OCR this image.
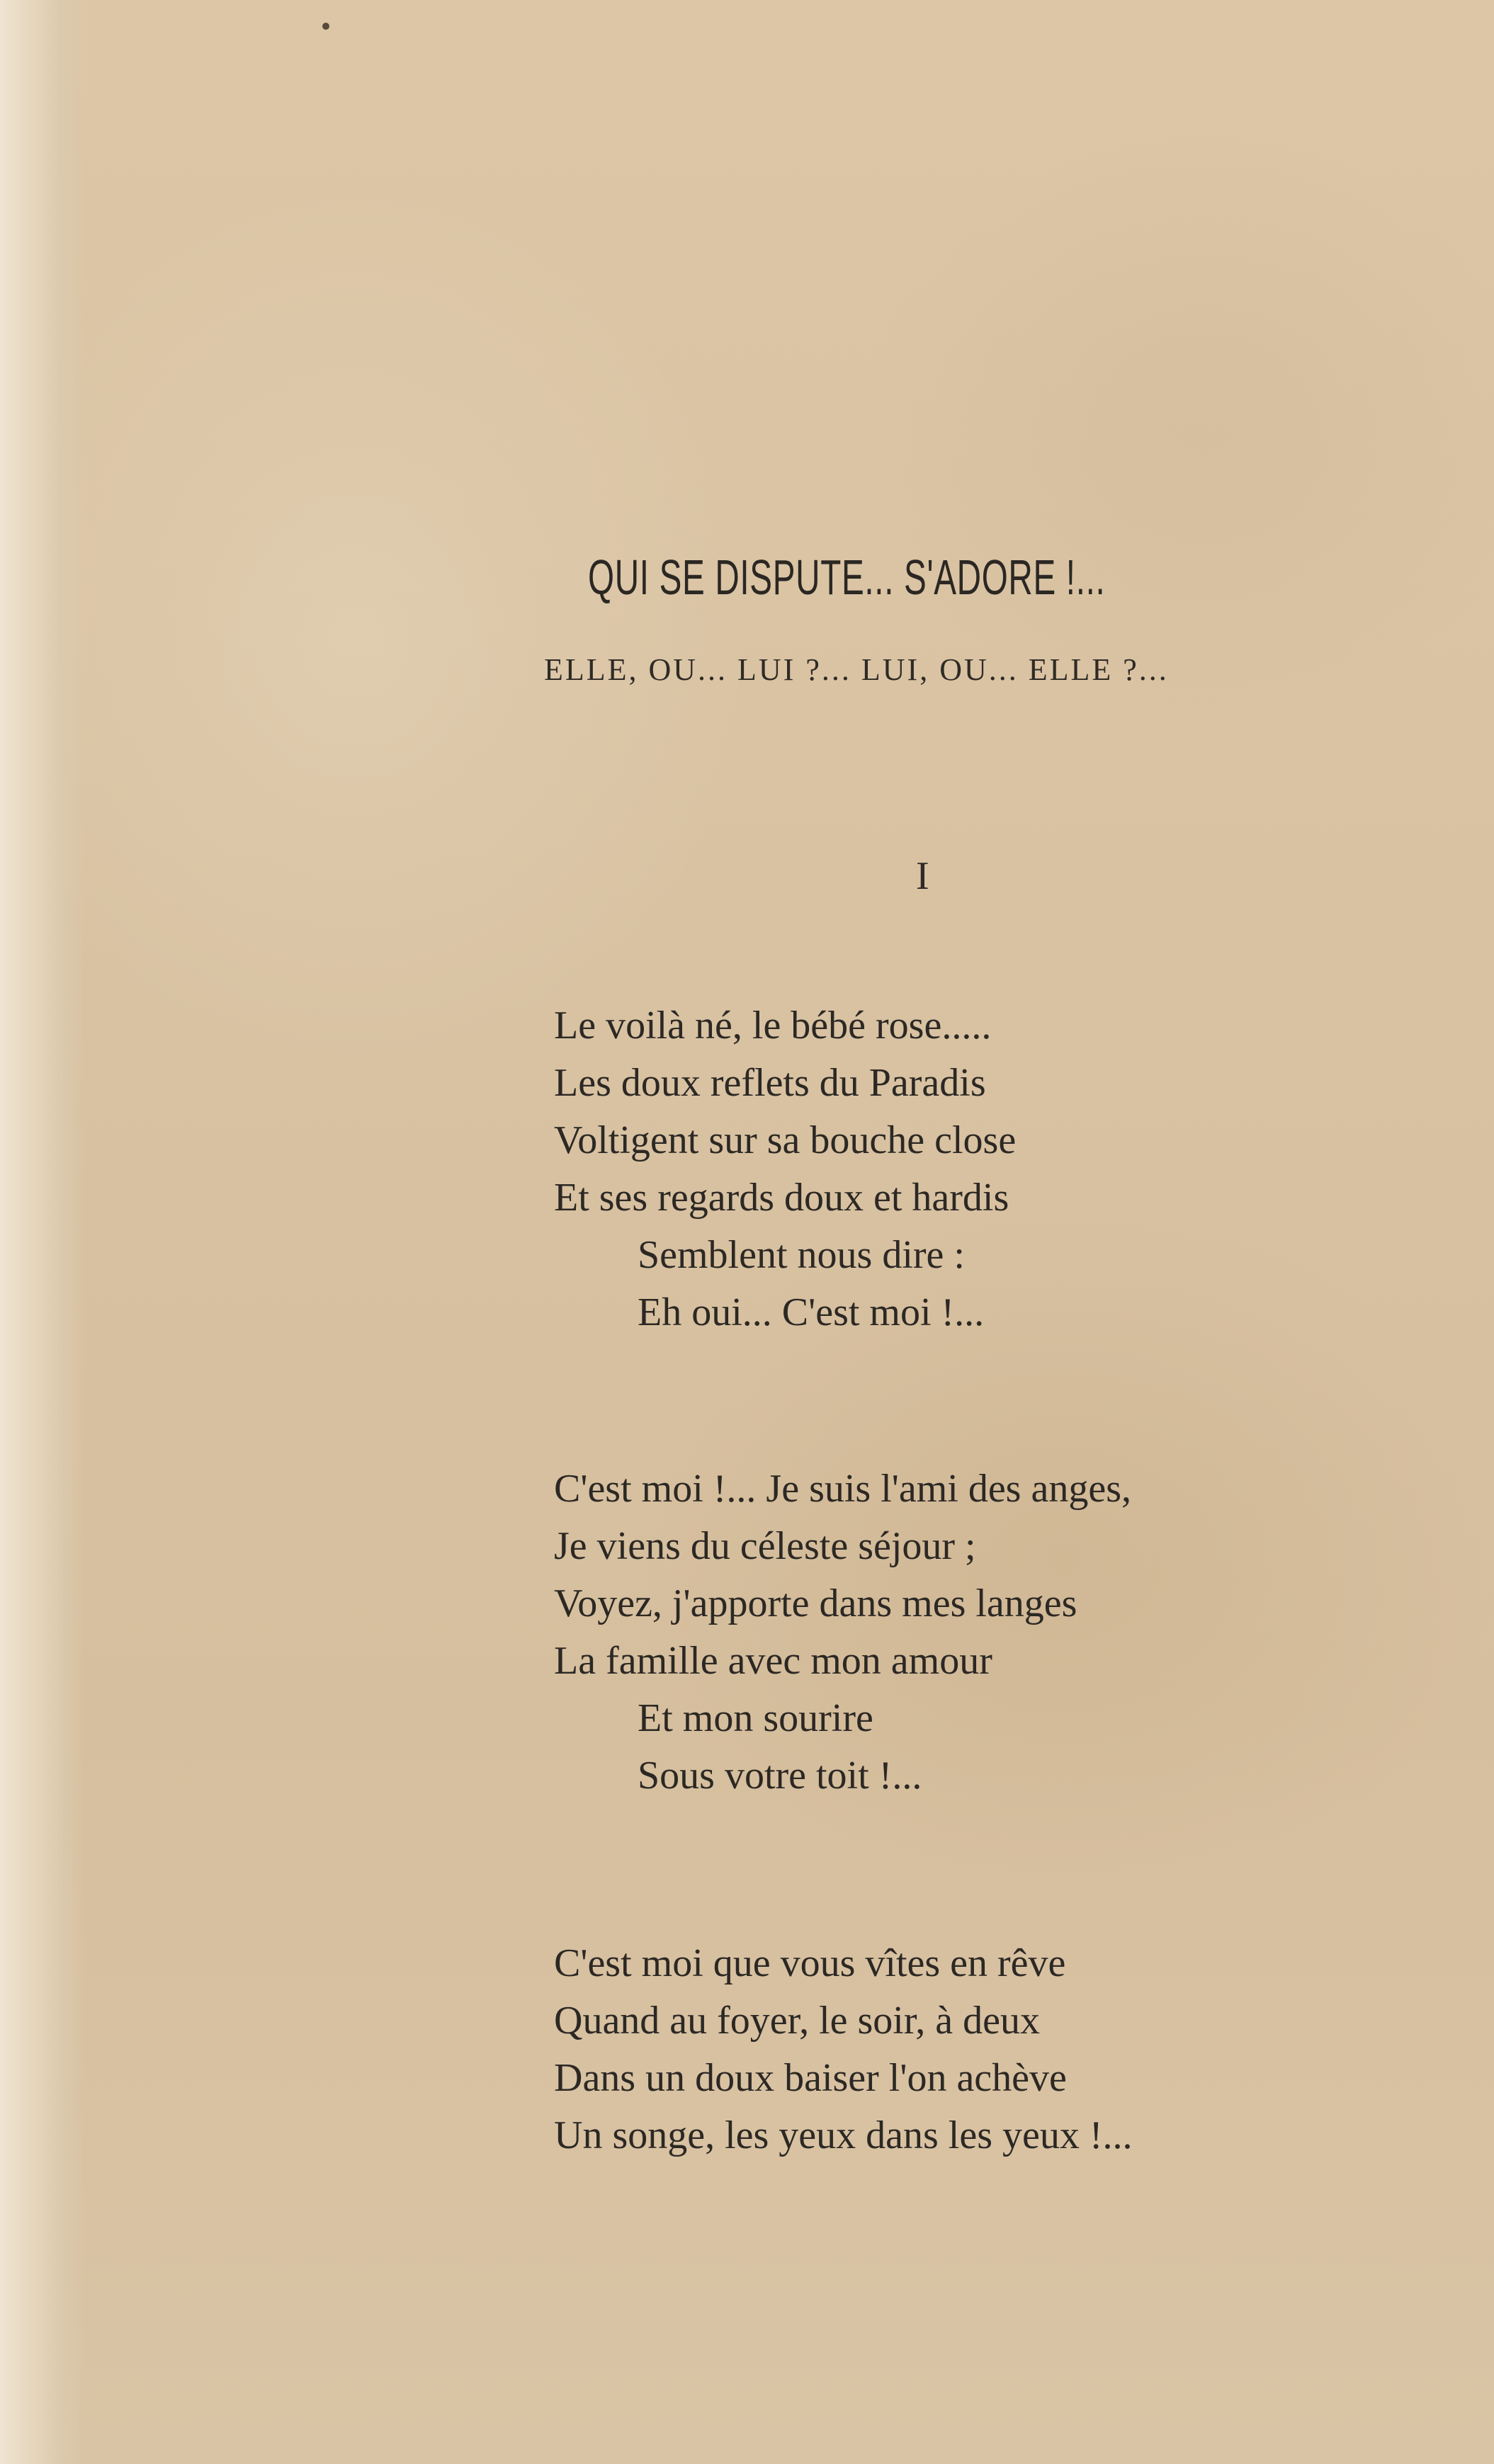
QUI SE DISPUTE... S'ADORE !...
ELLE, OU... LUI ?... LUI, OU... ELLE ?...
I
Le voilà né, le bébé rose.....
Les doux reflets du Paradis
Voltigent sur sa bouche close
Et ses regards doux et hardis
Semblent nous dire :
Eh oui... C'est moi !...
C'est moi !... Je suis l'ami des anges,
Je viens du céleste séjour ;
Voyez, j'apporte dans mes langes
La famille avec mon amour
Et mon sourire
Sous votre toit !...
C'est moi que vous vîtes en rêve
Quand au foyer, le soir, à deux
Dans un doux baiser l'on achève
Un songe, les yeux dans les yeux !...
